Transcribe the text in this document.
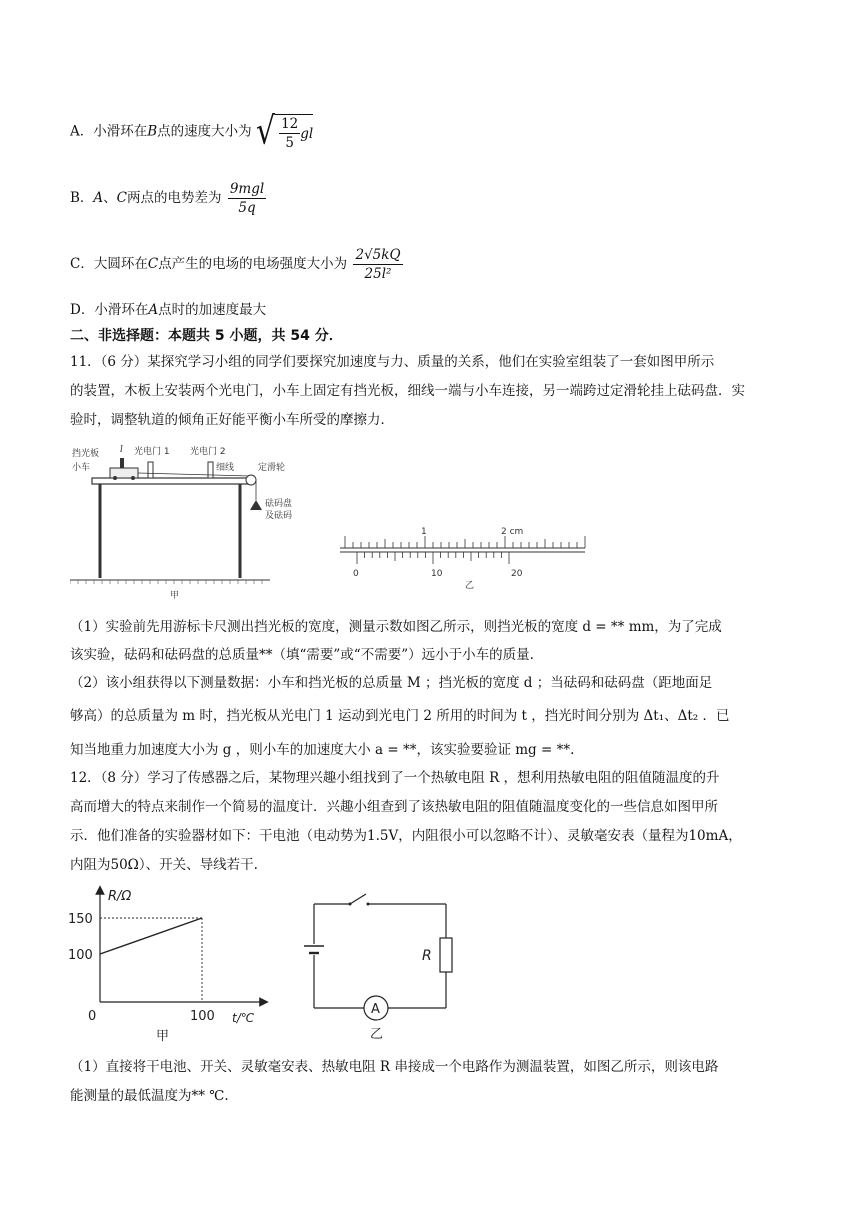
A．小滑环在B点的速度大小为 √ $\frac{12}{5}$ gl
B．A、C两点的电势差为 $\frac{\text{9mgl}}{5q}$
C．大圆环在C点产生的电场的电场强度大小为 $\frac{2√5kQ}{\text{25l²}}$
D．小滑环在A点时的加速度最大
二、非选择题：本题共 5 小题，共 54 分．
11．（6 分）某探究学习小组的同学们要探究加速度与力、质量的关系，他们在实验室组装了一套如图甲所示
的装置，木板上安装两个光电门，小车上固定有挡光板，细线一端与小车连接，另一端跨过定滑轮挂上砝码盘．实
验时，调整轨道的倾角正好能平衡小车所受的摩擦力．
挡光板
小车
l 光电门 1 光电门 2
细线	定滑轮
砝码盘
及砝码
甲
1	2 cm
0	10	20
乙
（1）实验前先用游标卡尺测出挡光板的宽度，测量示数如图乙所示，则挡光板的宽度 d = ** mm，为了完成
该实验，砝码和砝码盘的总质量**（填“需要”或“不需要”）远小于小车的质量.
（2）该小组获得以下测量数据：小车和挡光板的总质量 M ；挡光板的宽度 d ；当砝码和砝码盘（距地面足
够高）的总质量为 m 时，挡光板从光电门 1 运动到光电门 2 所用的时间为 t ，挡光时间分别为 Δt₁、Δt₂ ．已
知当地重力加速度大小为 g ，则小车的加速度大小 a = **，该实验要验证 mg = **.
12．（8 分）学习了传感器之后，某物理兴趣小组找到了一个热敏电阻 R ，想利用热敏电阻的阻值随温度的升
高而增大的特点来制作一个简易的温度计．兴趣小组查到了该热敏电阻的阻值随温度变化的一些信息如图甲所
示．他们准备的实验器材如下：干电池（电动势为1.5V，内阻很小可以忽略不计）、灵敏毫安表（量程为10mA，
内阻为50Ω）、开关、导线若干.
R/Ω
t/℃
150
100
0	100
甲
A
R
乙
（1）直接将干电池、开关、灵敏毫安表、热敏电阻 R 串接成一个电路作为测温装置，如图乙所示，则该电路
能测量的最低温度为** ℃.
